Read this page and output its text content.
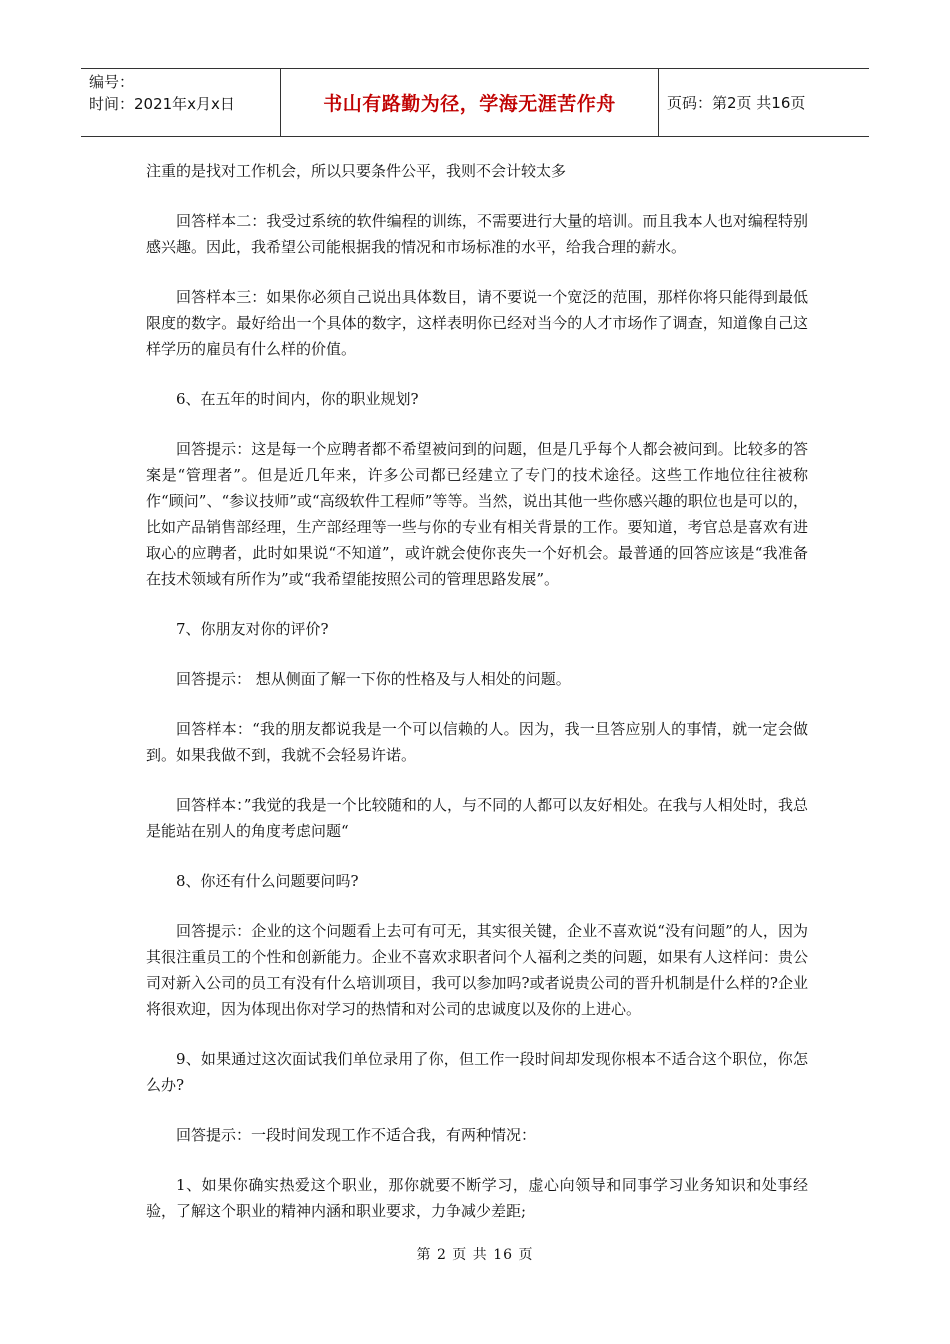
编号：
时间：2021年x月x日	书山有路勤为径，学海无涯苦作舟	页码：第2页 共16页

注重的是找对工作机会，所以只要条件公平，我则不会计较太多

回答样本二：我受过系统的软件编程的训练，不需要进行大量的培训。而且我本人也对编程特别感兴趣。因此，我希望公司能根据我的情况和市场标准的水平，给我合理的薪水。

回答样本三：如果你必须自己说出具体数目，请不要说一个宽泛的范围，那样你将只能得到最低限度的数字。最好给出一个具体的数字，这样表明你已经对当今的人才市场作了调查，知道像自己这样学历的雇员有什么样的价值。

6、在五年的时间内，你的职业规划?

回答提示：这是每一个应聘者都不希望被问到的问题，但是几乎每个人都会被问到。比较多的答案是“管理者”。但是近几年来，许多公司都已经建立了专门的技术途径。这些工作地位往往被称作“顾问”、“参议技师”或“高级软件工程师”等等。当然，说出其他一些你感兴趣的职位也是可以的，比如产品销售部经理，生产部经理等一些与你的专业有相关背景的工作。要知道，考官总是喜欢有进取心的应聘者，此时如果说“不知道”，或许就会使你丧失一个好机会。最普通的回答应该是“我准备在技术领域有所作为”或“我希望能按照公司的管理思路发展”。

7、你朋友对你的评价?

回答提示： 想从侧面了解一下你的性格及与人相处的问题。

回答样本：“我的朋友都说我是一个可以信赖的人。因为，我一旦答应别人的事情，就一定会做到。如果我做不到，我就不会轻易许诺。

回答样本：”我觉的我是一个比较随和的人，与不同的人都可以友好相处。在我与人相处时，我总是能站在别人的角度考虑问题“

8、你还有什么问题要问吗?

回答提示：企业的这个问题看上去可有可无，其实很关键，企业不喜欢说“没有问题”的人，因为其很注重员工的个性和创新能力。企业不喜欢求职者问个人福利之类的问题，如果有人这样问：贵公司对新入公司的员工有没有什么培训项目，我可以参加吗?或者说贵公司的晋升机制是什么样的?企业将很欢迎，因为体现出你对学习的热情和对公司的忠诚度以及你的上进心。

9、如果通过这次面试我们单位录用了你，但工作一段时间却发现你根本不适合这个职位，你怎么办?

回答提示：一段时间发现工作不适合我，有两种情况：

1、如果你确实热爱这个职业，那你就要不断学习，虚心向领导和同事学习业务知识和处事经验，了解这个职业的精神内涵和职业要求，力争减少差距;

第 2 页 共 16 页
